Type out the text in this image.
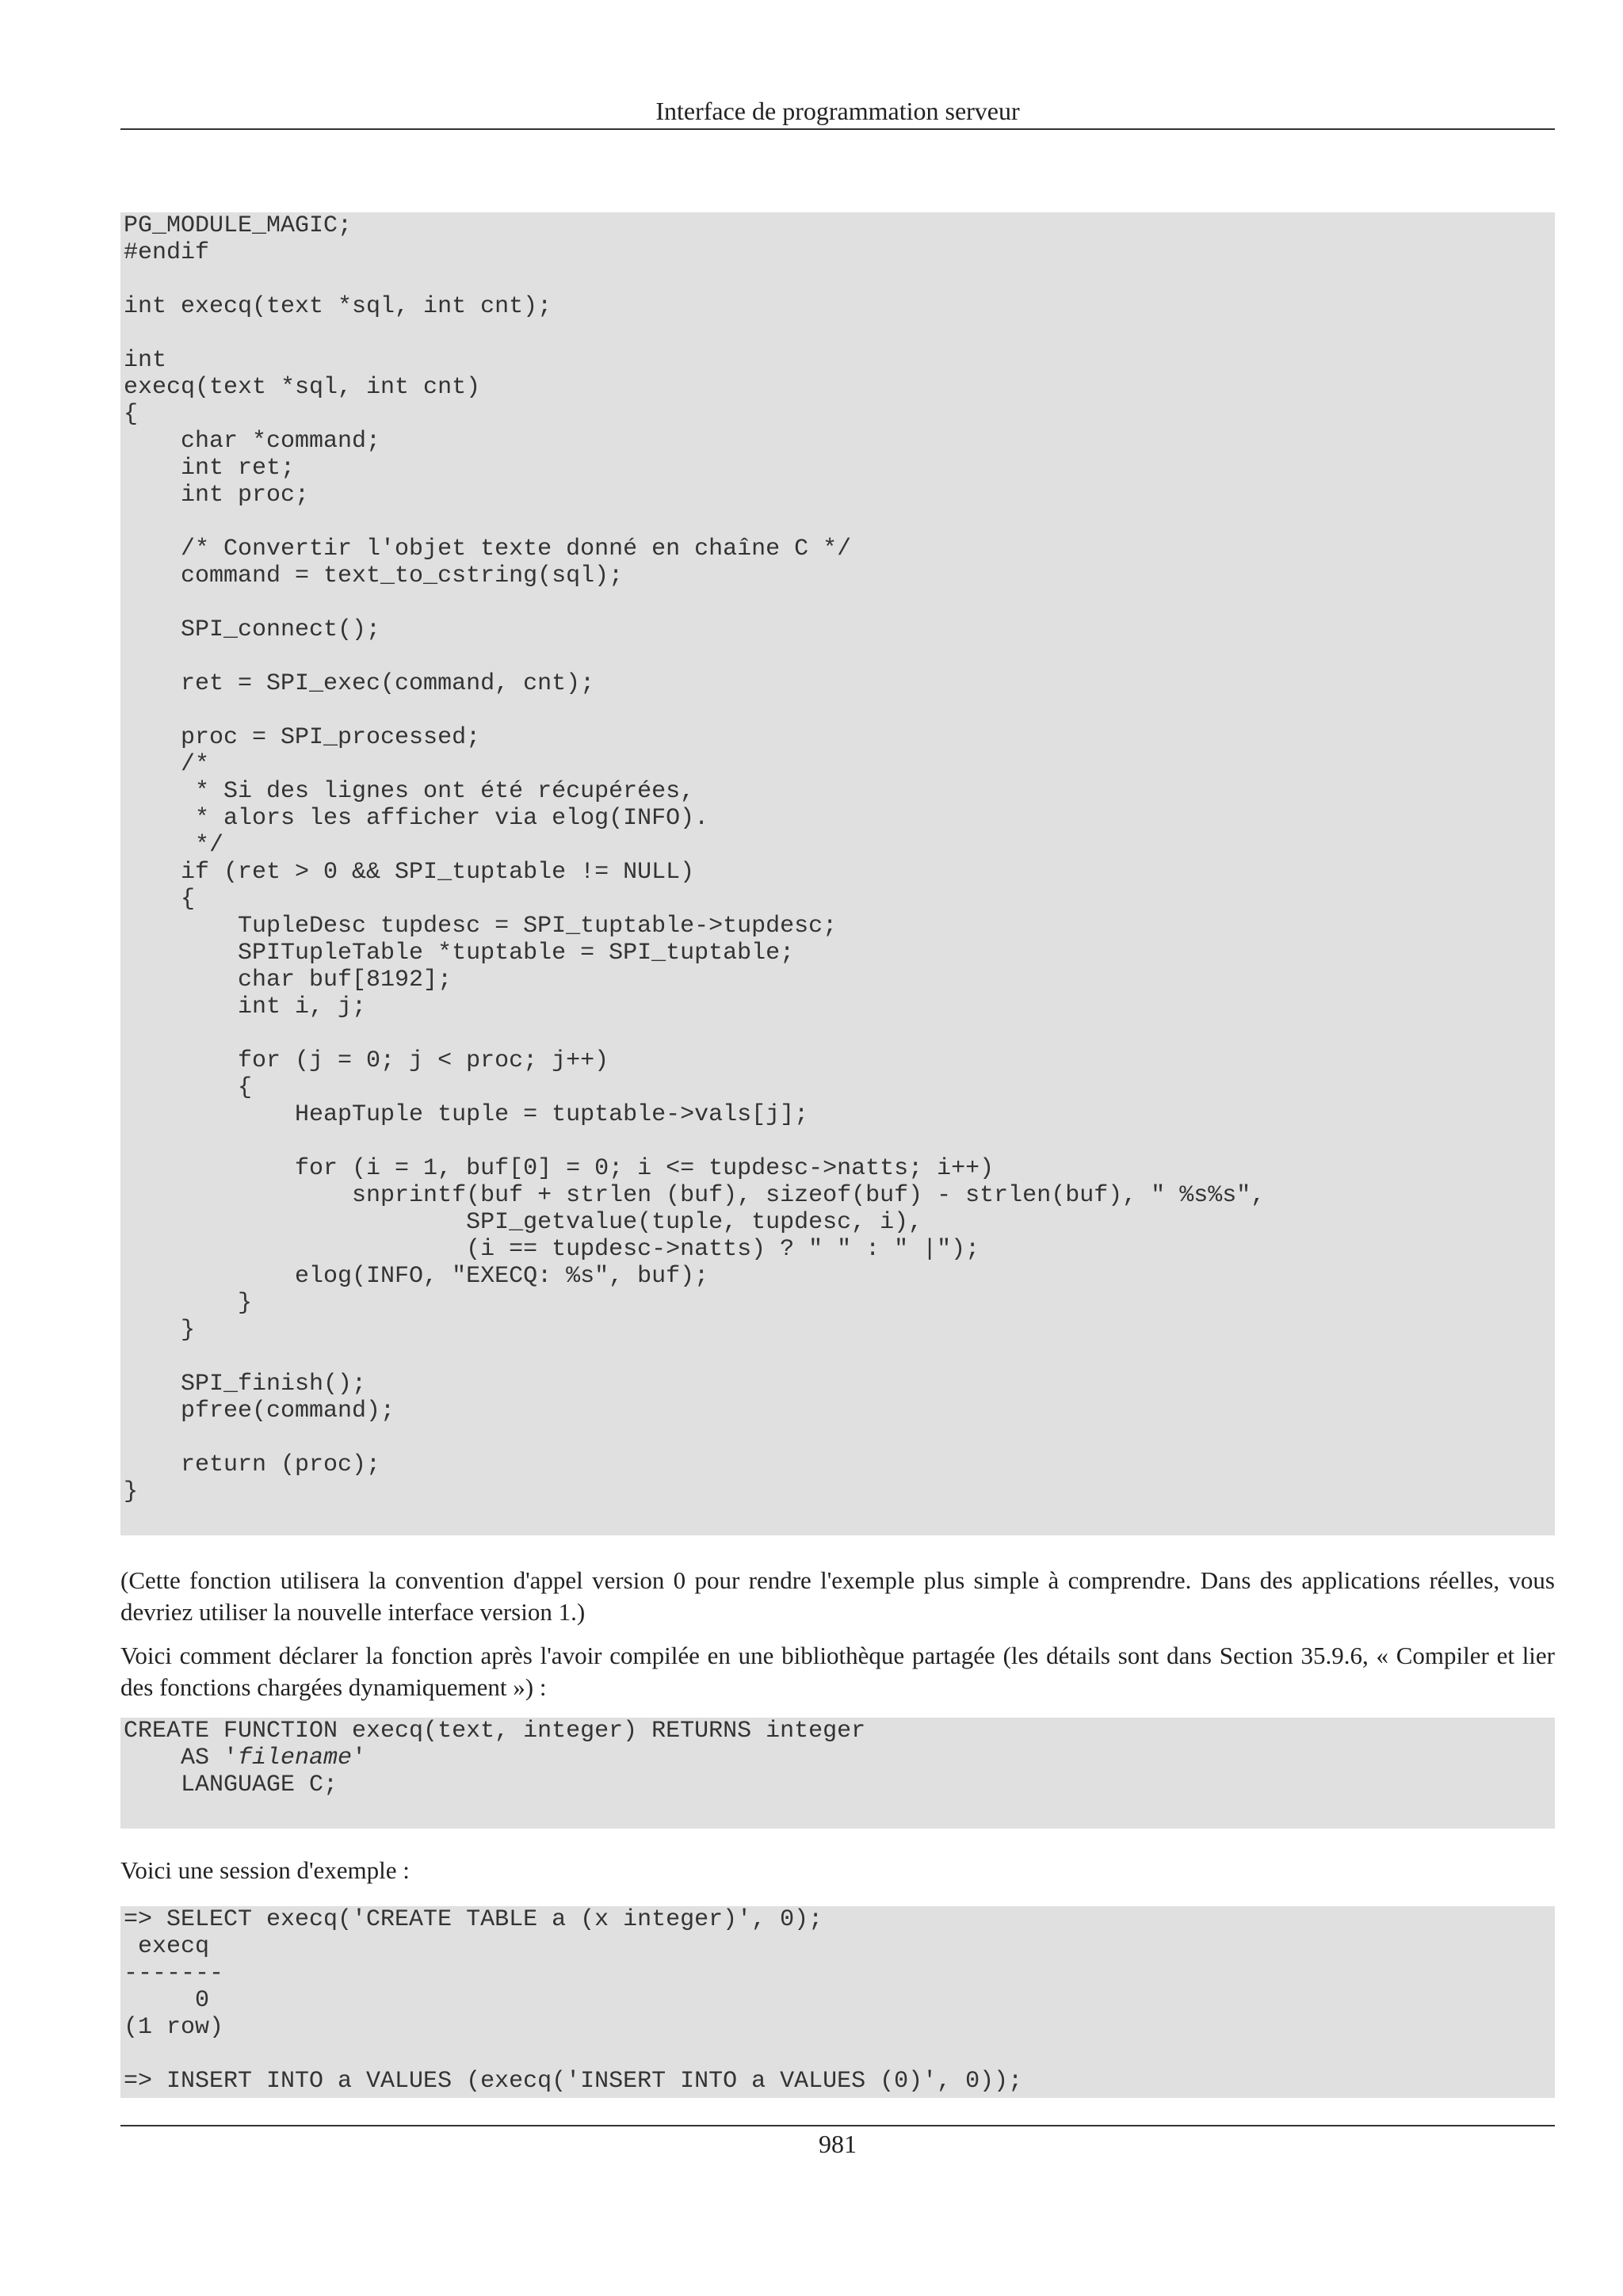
Interface de programmation serveur
PG_MODULE_MAGIC;
#endif
int execq(text *sql, int cnt);
int
execq(text *sql, int cnt)
{
char *command;
int ret;
int proc;
/* Convertir l'objet texte donné en chaîne C */
command = text_to_cstring(sql);
SPI_connect();
ret = SPI_exec(command, cnt);
proc = SPI_processed;
/*
* Si des lignes ont été récupérées,
* alors les afficher via elog(INFO).
*/
if (ret > 0 && SPI_tuptable != NULL)
{
TupleDesc tupdesc = SPI_tuptable->tupdesc;
SPITupleTable *tuptable = SPI_tuptable;
char buf[8192];
int i, j;
for (j = 0; j < proc; j++)
{
HeapTuple tuple = tuptable->vals[j];
for (i = 1, buf[0] = 0; i <= tupdesc->natts; i++)
snprintf(buf + strlen (buf), sizeof(buf) - strlen(buf), " %s%s",
SPI_getvalue(tuple, tupdesc, i),
(i == tupdesc->natts) ? " " : " |");
elog(INFO, "EXECQ: %s", buf);
}
}
SPI_finish();
pfree(command);
return (proc);
}

(Cette fonction utilisera la convention d'appel version 0 pour rendre l'exemple plus simple à comprendre. Dans des applications réelles, vous devriez utiliser la nouvelle interface version 1.)

Voici comment déclarer la fonction après l'avoir compilée en une bibliothèque partagée (les détails sont dans Section 35.9.6, « Compiler et lier des fonctions chargées dynamiquement ») :

CREATE FUNCTION execq(text, integer) RETURNS integer
AS 'filename'
LANGUAGE C;

Voici une session d'exemple :

=> SELECT execq('CREATE TABLE a (x integer)', 0);
execq
-------
0
(1 row)
=> INSERT INTO a VALUES (execq('INSERT INTO a VALUES (0)', 0));
981
